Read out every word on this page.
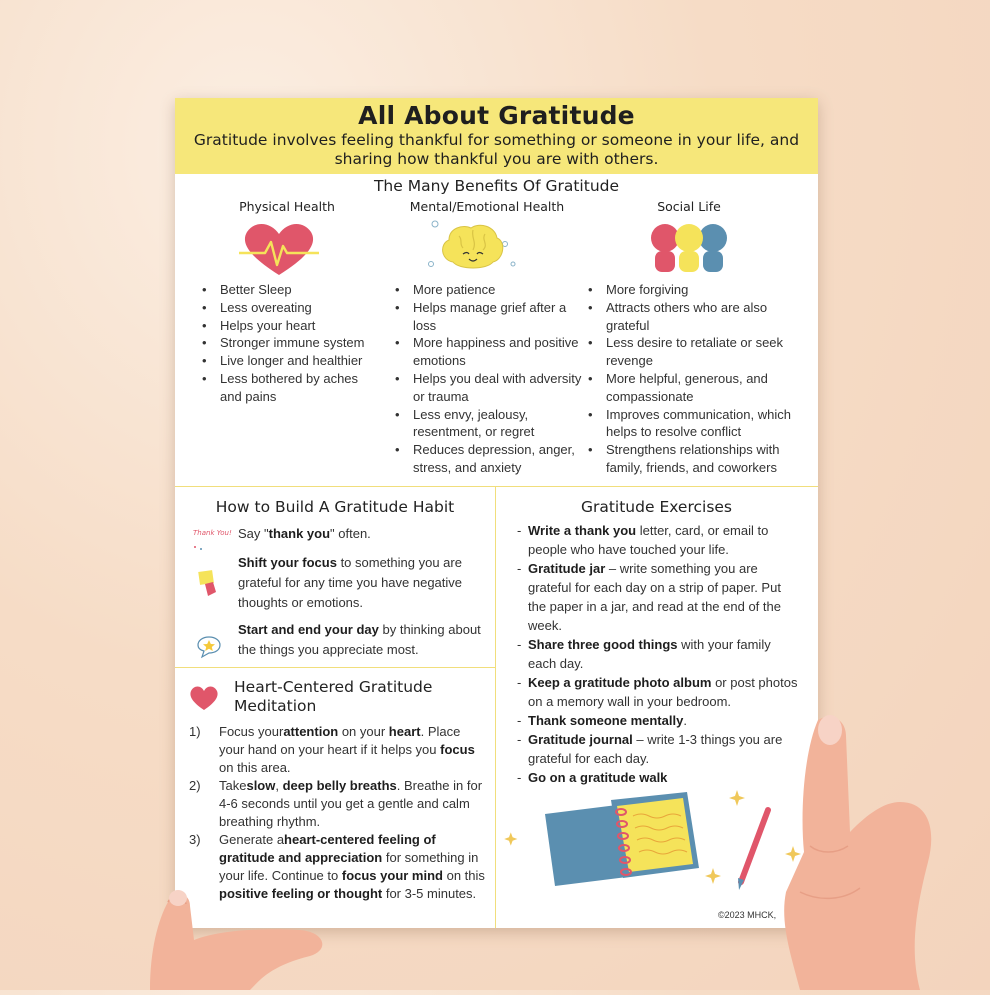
All About Gratitude

Gratitude involves feeling thankful for something or someone in your life, and sharing how thankful you are with others.

The Many Benefits Of Gratitude
Physical Health
• Better Sleep
• Less overeating
• Helps your heart
• Stronger immune system
• Live longer and healthier
• Less bothered by aches and pains
Mental/Emotional Health
• More patience
• Helps manage grief after a loss
• More happiness and positive emotions
• Helps you deal with adversity or trauma
• Less envy, jealousy, resentment, or regret
• Reduces depression, anger, stress, and anxiety
Social Life
• More forgiving
• Attracts others who are also grateful
• Less desire to retaliate or seek revenge
• More helpful, generous, and compassionate
• Improves communication, which helps to resolve conflict
• Strengthens relationships with family, friends, and coworkers
How to Build A Gratitude Habit
Thank You! Say "thank you" often.
Shift your focus to something you are grateful for any time you have negative thoughts or emotions.
Start and end your day by thinking about the things you appreciate most.
Heart-Centered Gratitude Meditation
1) Focus yourattention on your heart. Place your hand on your heart if it helps you focus on this area.
2) Takeslow, deep belly breaths. Breathe in for 4-6 seconds until you get a gentle and calm breathing rhythm.
3) Generate aheart-centered feeling of gratitude and appreciation for something in your life. Continue to focus your mind on this positive feeling or thought for 3-5 minutes.
Gratitude Exercises
- Write a thank you letter, card, or email to people who have touched your life.
- Gratitude jar – write something you are grateful for each day on a strip of paper. Put the paper in a jar, and read at the end of the week.
- Share three good things with your family each day.
- Keep a gratitude photo album or post photos on a memory wall in your bedroom.
- Thank someone mentally.
- Gratitude journal – write 1-3 things you are grateful for each day.
- Go on a gratitude walk
©2023 MHCK,
